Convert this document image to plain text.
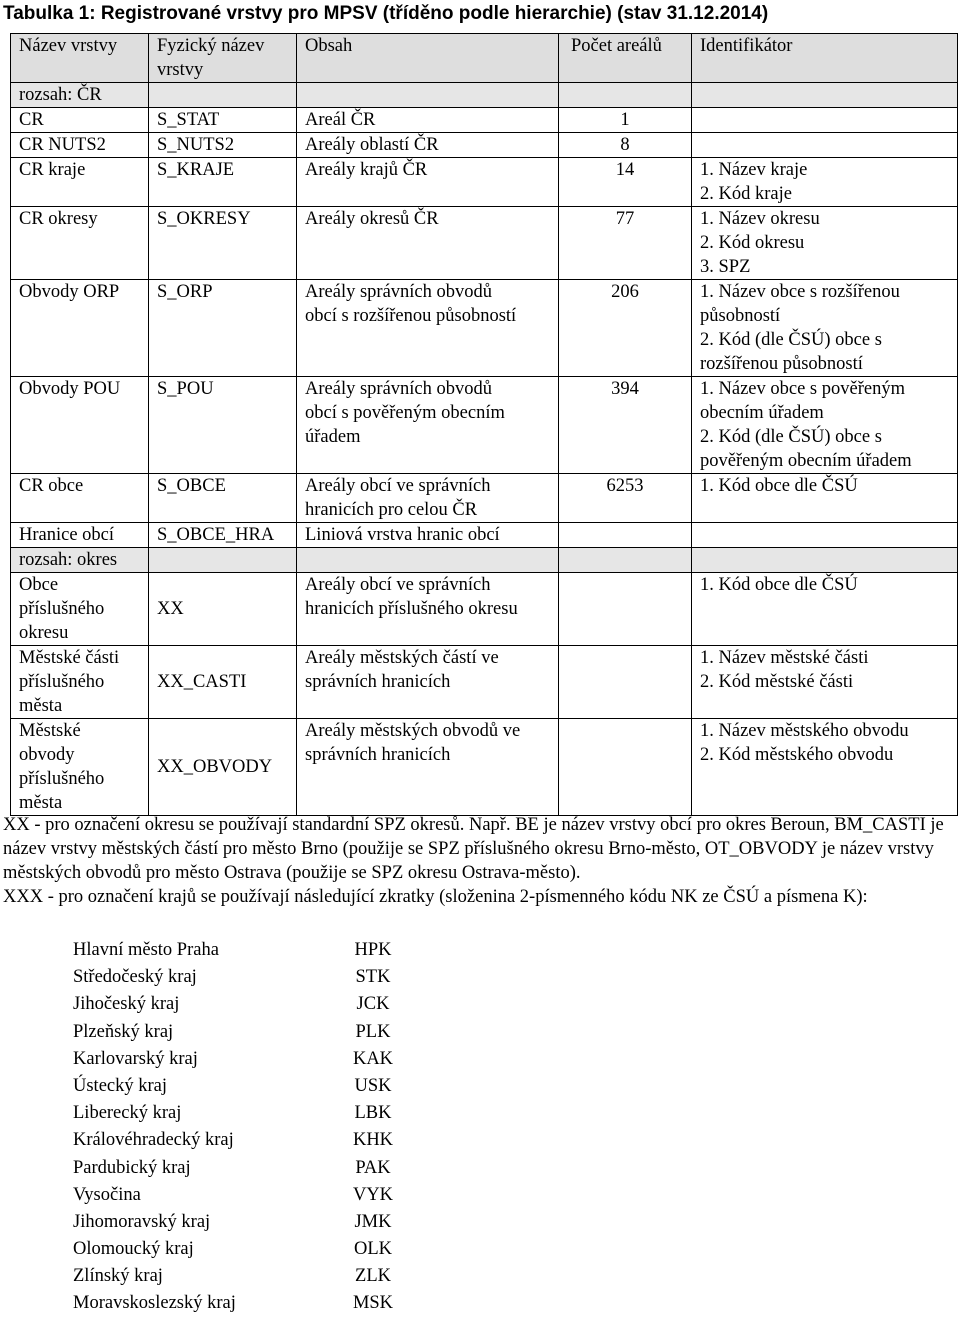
Tabulka 1: Registrované vrstvy pro MPSV (tříděno podle hierarchie) (stav 31.12.2014)
Název vrstvy	Fyzický název vrstvy	Obsah	Počet areálů	Identifikátor
rozsah: ČR				

CR	S_STAT	Areál ČR	1	

CR NUTS2	S_NUTS2	Areály oblastí ČR	8	

CR kraje	S_KRAJE	Areály krajů ČR	14	1. Název kraje
2. Kód kraje

CR okresy	S_OKRESY	Areály okresů ČR	77	1. Název okresu
2. Kód okresu
3. SPZ

Obvody ORP	S_ORP	Areály správních obvodů
obcí s rozšířenou působností	206	1. Název obce s rozšířenou
působností
2. Kód (dle ČSÚ) obce s
rozšířenou působností

Obvody POU	S_POU	Areály správních obvodů
obcí s pověřeným obecním
úřadem	394	1. Název obce s pověřeným
obecním úřadem
2. Kód (dle ČSÚ) obce s
pověřeným obecním úřadem

CR obce	S_OBCE	Areály obcí ve správních
hranicích pro celou ČR	6253	1. Kód obce dle ČSÚ

Hranice obcí	S_OBCE_HRA	Liniová vrstva hranic obcí		

rozsah: okres				

Obce
příslušného
okresu	XX	Areály obcí ve správních
hranicích příslušného okresu		1. Kód obce dle ČSÚ

Městské části
příslušného
města	XX_CASTI	Areály městských částí ve
správních hranicích		1. Název městské části
2. Kód městské části

Městské
obvody
příslušného
města	XX_OBVODY	Areály městských obvodů ve
správních hranicích		1. Název městského obvodu
2. Kód městského obvodu

XX - pro označení okresu se používají standardní SPZ okresů. Např. BE je název vrstvy obcí pro okres Beroun, BM_CASTI je název vrstvy městských částí pro město Brno (použije se SPZ příslušného okresu Brno-město, OT_OBVODY je název vrstvy městských obvodů pro město Ostrava (použije se SPZ okresu Ostrava-město).

XXX - pro označení krajů se používají následující zkratky (složenina 2-písmenného kódu NK ze ČSÚ a písmena K):

Hlavní město Praha	HPK
Středočeský kraj	STK
Jihočeský kraj	JCK
Plzeňský kraj	PLK
Karlovarský kraj	KAK
Ústecký kraj	USK
Liberecký kraj	LBK
Královéhradecký kraj	KHK
Pardubický kraj	PAK
Vysočina	VYK
Jihomoravský kraj	JMK
Olomoucký kraj	OLK
Zlínský kraj	ZLK
Moravskoslezský kraj	MSK
